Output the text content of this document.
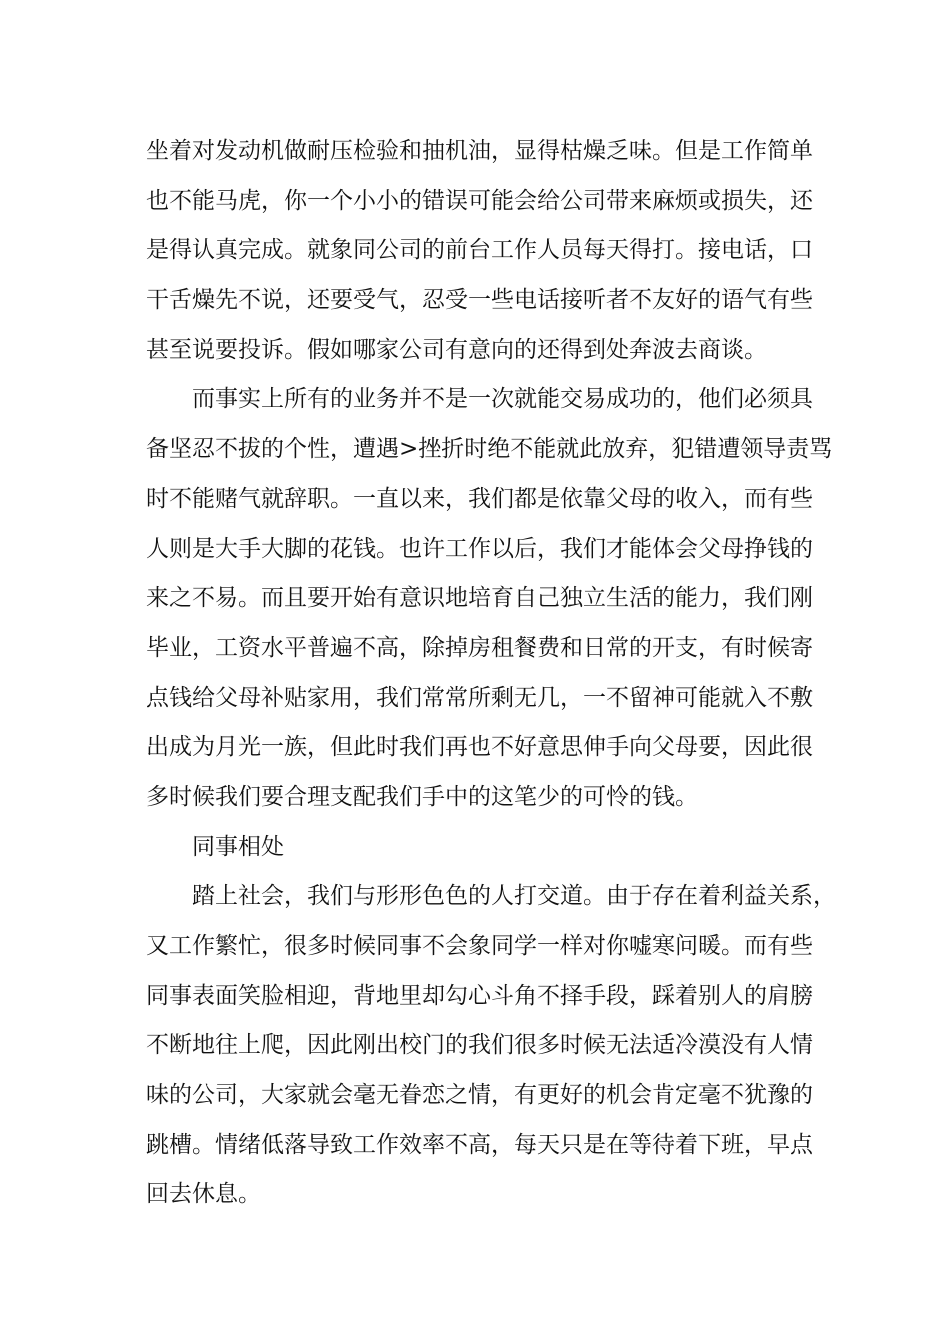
坐着对发动机做耐压检验和抽机油，显得枯燥乏味。但是工作简单
也不能马虎，你一个小小的错误可能会给公司带来麻烦或损失，还
是得认真完成。就象同公司的前台工作人员每天得打。接电话，口
干舌燥先不说，还要受气，忍受一些电话接听者不友好的语气有些
甚至说要投诉。假如哪家公司有意向的还得到处奔波去商谈。
而事实上所有的业务并不是一次就能交易成功的，他们必须具
备坚忍不拔的个性，遭遇>挫折时绝不能就此放弃，犯错遭领导责骂
时不能赌气就辞职。一直以来，我们都是依靠父母的收入，而有些
人则是大手大脚的花钱。也许工作以后，我们才能体会父母挣钱的
来之不易。而且要开始有意识地培育自己独立生活的能力，我们刚
毕业，工资水平普遍不高，除掉房租餐费和日常的开支，有时候寄
点钱给父母补贴家用，我们常常所剩无几，一不留神可能就入不敷
出成为月光一族，但此时我们再也不好意思伸手向父母要，因此很
多时候我们要合理支配我们手中的这笔少的可怜的钱。
同事相处
踏上社会，我们与形形色色的人打交道。由于存在着利益关系，
又工作繁忙，很多时候同事不会象同学一样对你嘘寒问暖。而有些
同事表面笑脸相迎，背地里却勾心斗角不择手段，踩着别人的肩膀
不断地往上爬，因此刚出校门的我们很多时候无法适冷漠没有人情
味的公司，大家就会毫无眷恋之情，有更好的机会肯定毫不犹豫的
跳槽。情绪低落导致工作效率不高，每天只是在等待着下班，早点
回去休息。
